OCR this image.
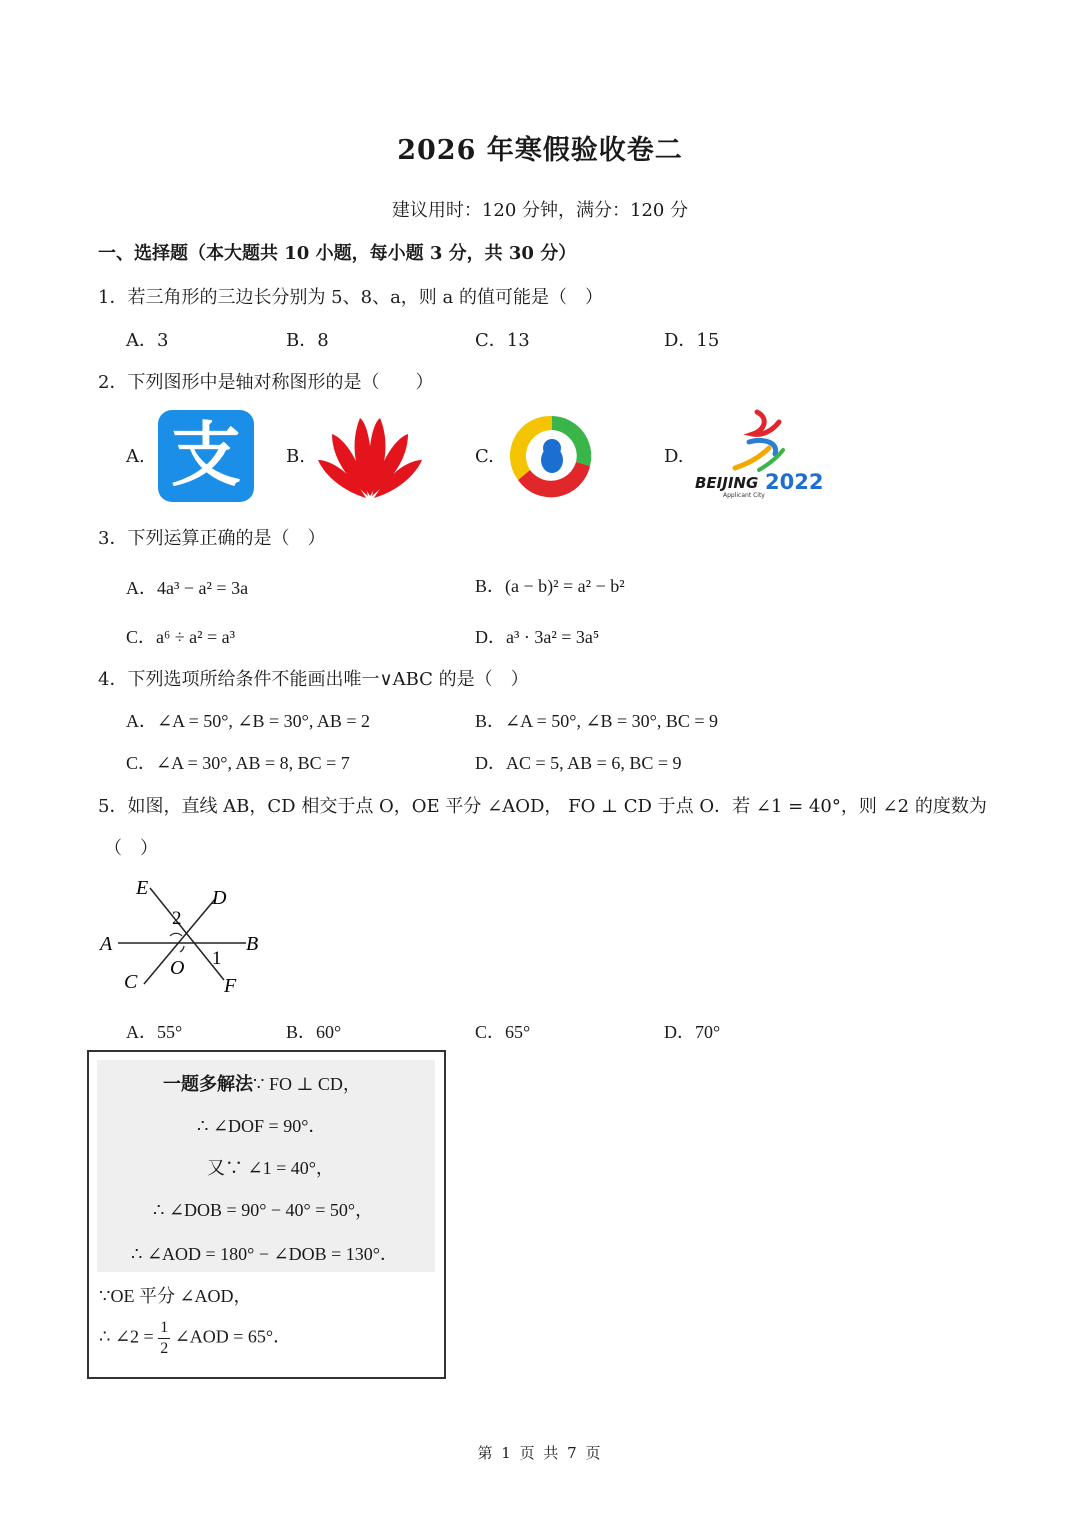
2026 年寒假验收卷二
建议用时：120 分钟，满分：120 分
一、选择题（本大题共 10 小题，每小题 3 分，共 30 分）
1．若三角形的三边长分别为 5、8、a，则 a 的值可能是（　）
A．3	B．8	C．13	D．15
2．下列图形中是轴对称图形的是（　　）
A.	B.	C.	D.
支	BEIJING 2022
Applicant City
3．下列运算正确的是（　）
A．4a³ − a² = 3a	B．(a − b)² = a² − b²
C．a⁶ ÷ a² = a³	D．a³ · 3a² = 3a⁵
4．下列选项所给条件不能画出唯一∨ABC 的是（　）
A．∠A = 50°, ∠B = 30°, AB = 2	B．∠A = 50°, ∠B = 30°, BC = 9
C．∠A = 30°, AB = 8, BC = 7	D．AC = 5, AB = 6, BC = 9
5．如图，直线 AB，CD 相交于点 O，OE 平分 ∠AOD， FO ⊥ CD 于点 O．若 ∠1 = 40°，则 ∠2 的度数为
（　）
E	D
A	B
C
O
F
2
1
A．55°	B．60°	C．65°	D．70°
一题多解法∵ FO ⊥ CD，
∴ ∠DOF = 90°．
又∵ ∠1 = 40°，
∴ ∠DOB = 90° − 40° = 50°，
∴ ∠AOD = 180° − ∠DOB = 130°．
∵OE 平分 ∠AOD，
∴ ∠2 = $\frac{1}{2}$ ∠AOD = 65°．
第 1 页 共 7 页
